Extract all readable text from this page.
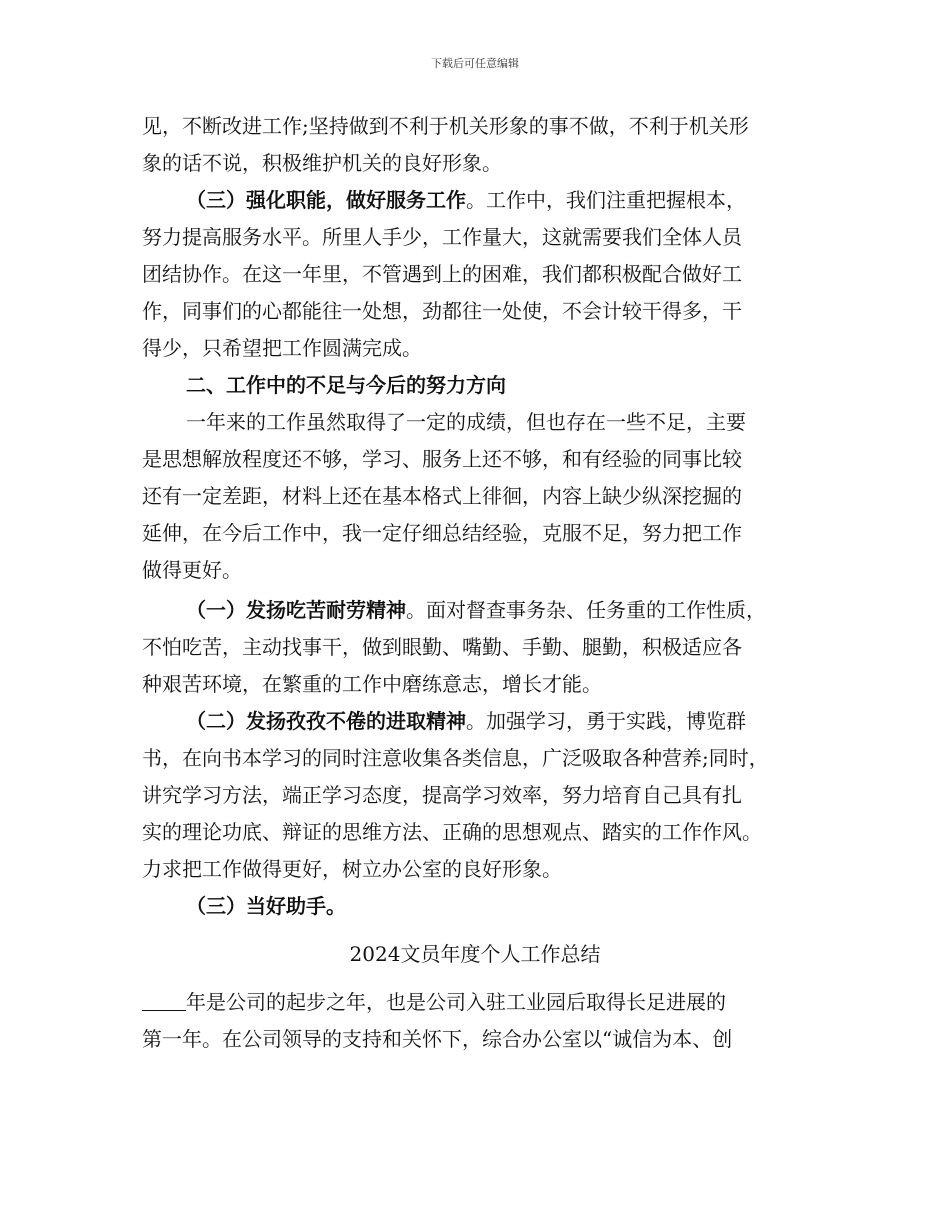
下载后可任意编辑
见，不断改进工作;坚持做到不利于机关形象的事不做，不利于机关形
象的话不说，积极维护机关的良好形象。
（三）强化职能，做好服务工作。工作中，我们注重把握根本，
努力提高服务水平。所里人手少，工作量大，这就需要我们全体人员
团结协作。在这一年里，不管遇到上的困难，我们都积极配合做好工
作，同事们的心都能往一处想，劲都往一处使，不会计较干得多，干
得少，只希望把工作圆满完成。
二、工作中的不足与今后的努力方向
一年来的工作虽然取得了一定的成绩，但也存在一些不足，主要
是思想解放程度还不够，学习、服务上还不够，和有经验的同事比较
还有一定差距，材料上还在基本格式上徘徊，内容上缺少纵深挖掘的
延伸，在今后工作中，我一定仔细总结经验，克服不足，努力把工作
做得更好。
（一）发扬吃苦耐劳精神。面对督查事务杂、任务重的工作性质，
不怕吃苦，主动找事干，做到眼勤、嘴勤、手勤、腿勤，积极适应各
种艰苦环境，在繁重的工作中磨练意志，增长才能。
（二）发扬孜孜不倦的进取精神。加强学习，勇于实践，博览群
书，在向书本学习的同时注意收集各类信息，广泛吸取各种营养;同时，
讲究学习方法，端正学习态度，提高学习效率，努力培育自己具有扎
实的理论功底、辩证的思维方法、正确的思想观点、踏实的工作作风。
力求把工作做得更好，树立办公室的良好形象。
（三）当好助手。
2024文员年度个人工作总结
年是公司的起步之年，也是公司入驻工业园后取得长足进展的
第一年。在公司领导的支持和关怀下，综合办公室以“诚信为本、创
